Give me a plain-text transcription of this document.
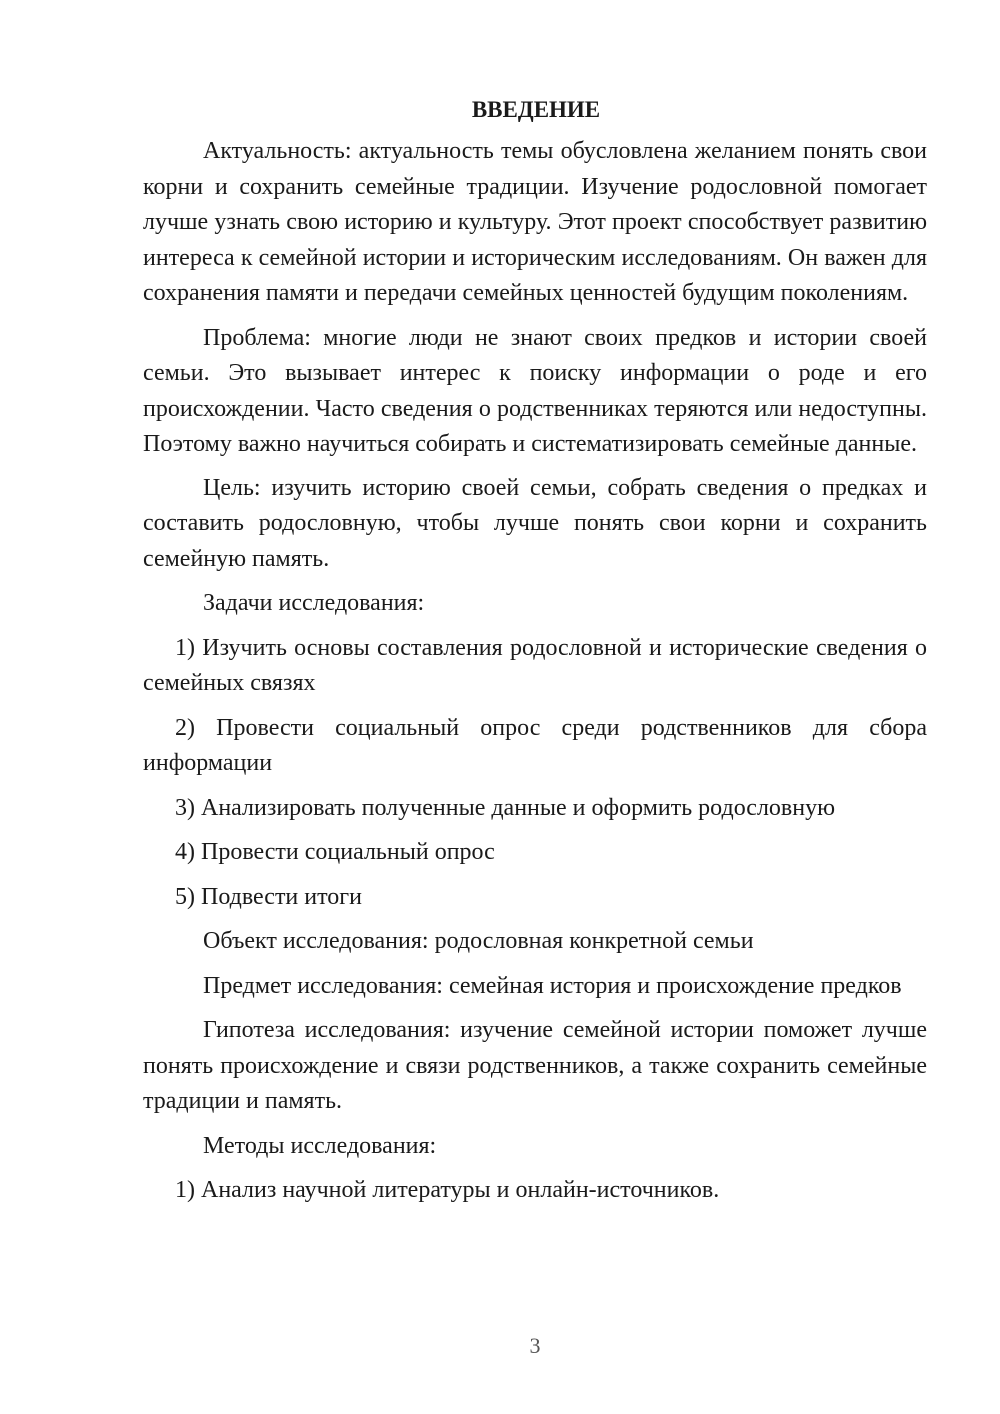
ВВЕДЕНИЕ
Актуальность: актуальность темы обусловлена желанием понять свои корни и сохранить семейные традиции. Изучение родословной помогает лучше узнать свою историю и культуру. Этот проект способствует развитию интереса к семейной истории и историческим исследованиям. Он важен для сохранения памяти и передачи семейных ценностей будущим поколениям.
Проблема: многие люди не знают своих предков и истории своей семьи. Это вызывает интерес к поиску информации о роде и его происхождении. Часто сведения о родственниках теряются или недоступны. Поэтому важно научиться собирать и систематизировать семейные данные.
Цель: изучить историю своей семьи, собрать сведения о предках и составить родословную, чтобы лучше понять свои корни и сохранить семейную память.
Задачи исследования:
1) Изучить основы составления родословной и исторические сведения о семейных связях
2) Провести социальный опрос среди родственников для сбора информации
3) Анализировать полученные данные и оформить родословную
4) Провести социальный опрос
5) Подвести итоги
Объект исследования: родословная конкретной семьи
Предмет исследования: семейная история и происхождение предков
Гипотеза исследования: изучение семейной истории поможет лучше понять происхождение и связи родственников, а также сохранить семейные традиции и память.
Методы исследования:
1) Анализ научной литературы и онлайн-источников.
3
